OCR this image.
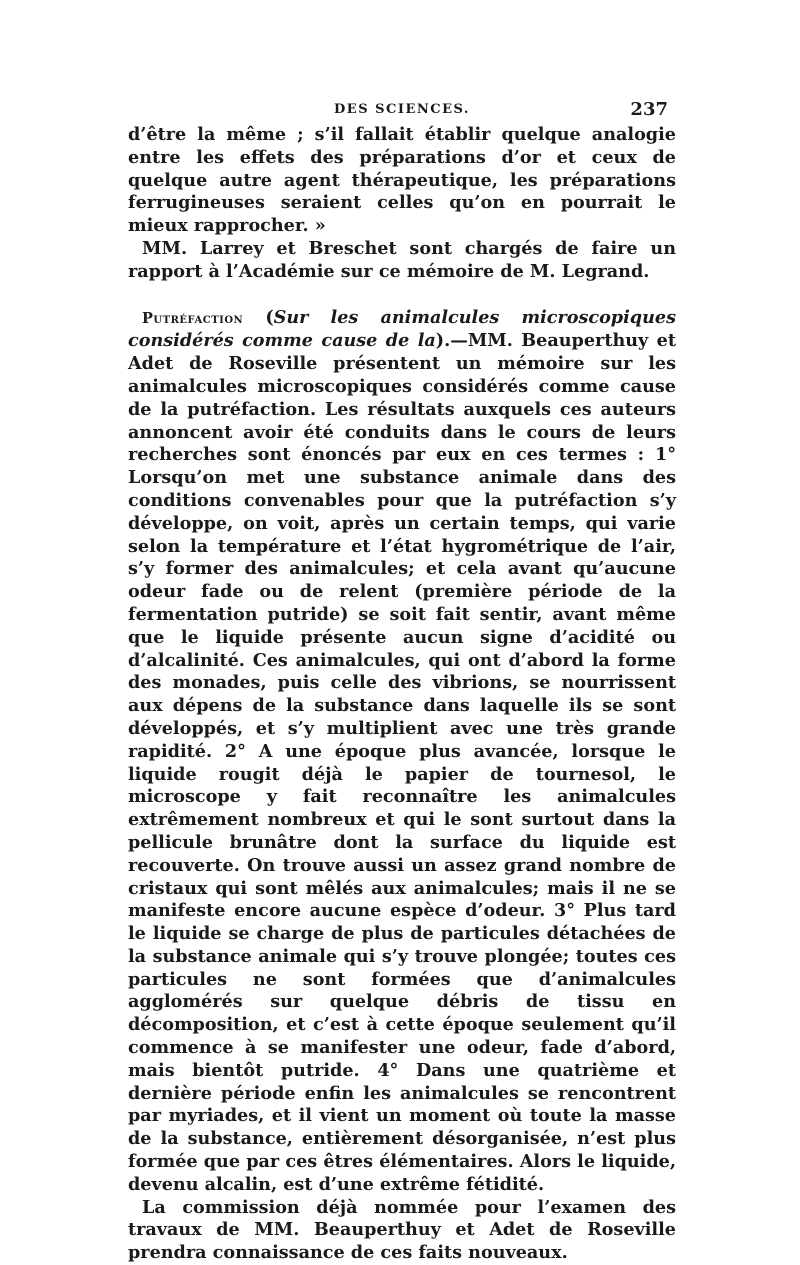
DES SCIENCES.	237

d’être la même ; s’il fallait établir quelque analogie entre les effets des préparations d’or et ceux de quelque autre agent thérapeutique, les préparations ferrugineuses seraient celles qu’on en pourrait le mieux rapprocher. »

MM. Larrey et Breschet sont chargés de faire un rapport à l’Académie sur ce mémoire de M. Legrand.

Putréfaction (Sur les animalcules microscopiques considérés comme cause de la).—MM. Beauperthuy et Adet de Roseville présentent un mémoire sur les animalcules microscopiques considérés comme cause de la putréfaction. Les résultats auxquels ces auteurs annoncent avoir été conduits dans le cours de leurs recherches sont énoncés par eux en ces termes : 1° Lorsqu’on met une substance animale dans des conditions convenables pour que la putréfaction s’y développe, on voit, après un certain temps, qui varie selon la température et l’état hygrométrique de l’air, s’y former des animalcules; et cela avant qu’aucune odeur fade ou de relent (première période de la fermentation putride) se soit fait sentir, avant même que le liquide présente aucun signe d’acidité ou d’alcalinité. Ces animalcules, qui ont d’abord la forme des monades, puis celle des vibrions, se nourrissent aux dépens de la substance dans laquelle ils se sont développés, et s’y multiplient avec une très grande rapidité. 2° A une époque plus avancée, lorsque le liquide rougit déjà le papier de tournesol, le microscope y fait reconnaître les animalcules extrêmement nombreux et qui le sont surtout dans la pellicule brunâtre dont la surface du liquide est recouverte. On trouve aussi un assez grand nombre de cristaux qui sont mêlés aux animalcules; mais il ne se manifeste encore aucune espèce d’odeur. 3° Plus tard le liquide se charge de plus de particules détachées de la substance animale qui s’y trouve plongée; toutes ces particules ne sont formées que d’animalcules agglomérés sur quelque débris de tissu en décomposition, et c’est à cette époque seulement qu’il commence à se manifester une odeur, fade d’abord, mais bientôt putride. 4° Dans une quatrième et dernière période enfin les animalcules se rencontrent par myriades, et il vient un moment où toute la masse de la substance, entièrement désorganisée, n’est plus formée que par ces êtres élémentaires. Alors le liquide, devenu alcalin, est d’une extrême fétidité.

La commission déjà nommée pour l’examen des travaux de MM. Beauperthuy et Adet de Roseville prendra connaissance de ces faits nouveaux.
